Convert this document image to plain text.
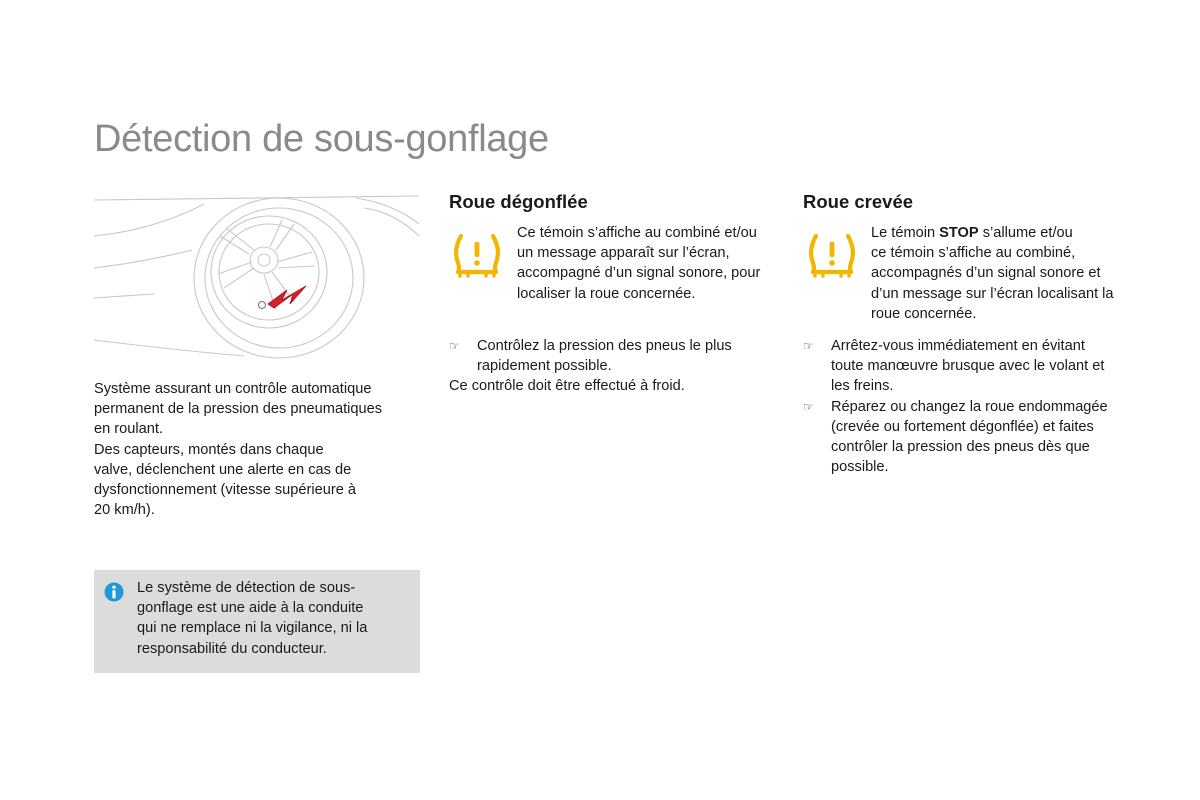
Détection de sous-gonflage

Système assurant un contrôle automatique

permanent de la pression des pneumatiques

en roulant.

Des capteurs, montés dans chaque

valve, déclenchent une alerte en cas de

dysfonctionnement (vitesse supérieure à

20 km/h).

Le système de détection de sous-

gonflage est une aide à la conduite

qui ne remplace ni la vigilance, ni la

responsabilité du conducteur.

Roue dégonflée

Ce témoin s’affiche au combiné et/ou

un message apparaît sur l’écran,

accompagné d’un signal sonore, pour

localiser la roue concernée.

☞ Contrôlez la pression des pneus le plus

rapidement possible.

Ce contrôle doit être effectué à froid.

Roue crevée

Le témoin STOP s’allume et/ou

ce témoin s’affiche au combiné,

accompagnés d’un signal sonore et

d’un message sur l’écran localisant la

roue concernée.

☞ Arrêtez-vous immédiatement en évitant

toute manœuvre brusque avec le volant et

les freins.

☞ Réparez ou changez la roue endommagée

(crevée ou fortement dégonflée) et faites

contrôler la pression des pneus dès que

possible.
